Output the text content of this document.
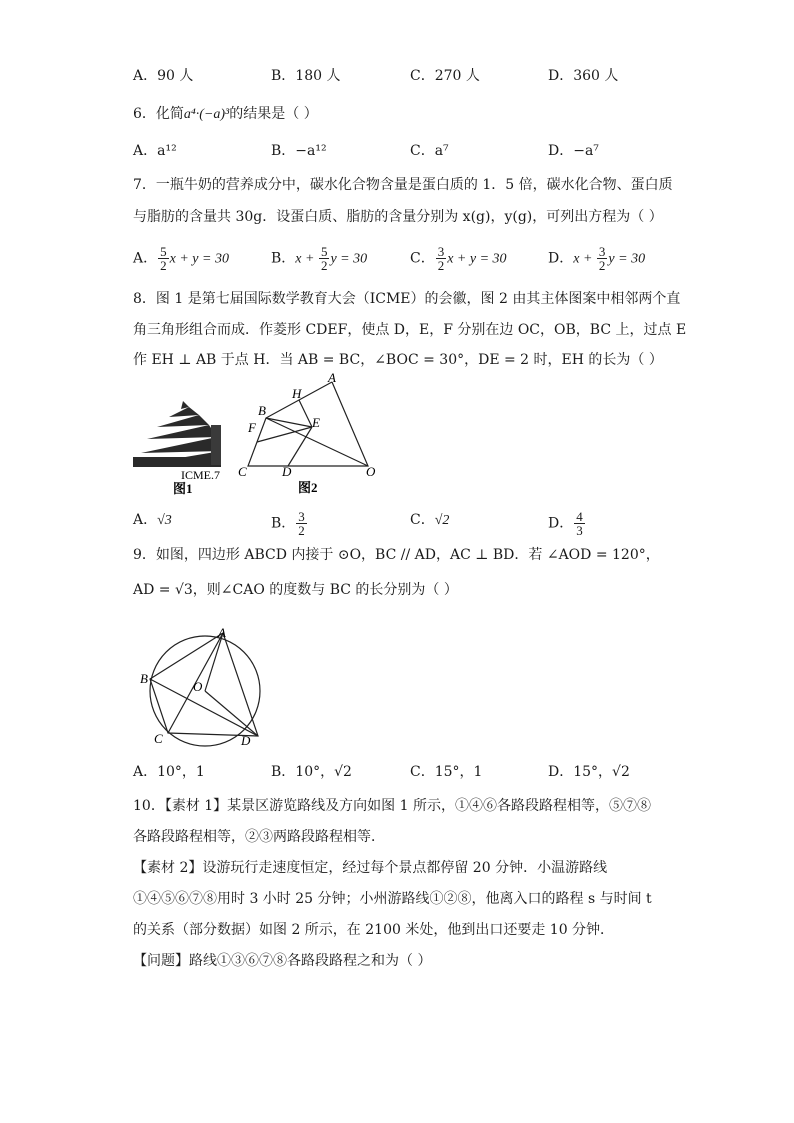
A．90 人	B．180 人	C．270 人	D．360 人
6．化简a⁴·(−a)³的结果是（ ）
A．a¹²	B．−a¹²	C．a⁷	D．−a⁷
7．一瓶牛奶的营养成分中，碳水化合物含量是蛋白质的 1．5 倍，碳水化合物、蛋白质
与脂肪的含量共 30g．设蛋白质、脂肪的含量分别为 x(g)，y(g)，可列出方程为（ ）
A． $\frac{5}{2}$ x + y = 30	B．$x + \frac{5}{2}$ y = 30	C． $\frac{3}{2}$ x + y = 30	D．$x + \frac{3}{2}$ y = 30
8．图 1 是第七届国际数学教育大会（ICME）的会徽，图 2 由其主体图案中相邻两个直
角三角形组合而成．作菱形 CDEF，使点 D，E，F 分别在边 OC，OB，BC 上，过点 E
作 EH ⊥ AB 于点 H．当 AB = BC，∠BOC = 30°，DE = 2 时，EH 的长为（ ）
ICME.7
图1
A
H
B
E
F
C	D	O
图2
A．√3	B． $\frac{3}{2}$	C．√2	D． $\frac{4}{3}$
9．如图，四边形 ABCD 内接于 ⊙O，BC // AD，AC ⊥ BD．若 ∠AOD = 120°，
AD = √3，则∠CAO 的度数与 BC 的长分别为（ ）
A
B
O
C	D
A．10°，1	B．10°，√2	C．15°，1	D．15°，√2
10．【素材 1】某景区游览路线及方向如图 1 所示，①④⑥各路段路程相等，⑤⑦⑧
各路段路程相等，②③两路段路程相等．
【素材 2】设游玩行走速度恒定，经过每个景点都停留 20 分钟．小温游路线
①④⑤⑥⑦⑧用时 3 小时 25 分钟；小州游路线①②⑧，他离入口的路程 s 与时间 t
的关系（部分数据）如图 2 所示，在 2100 米处，他到出口还要走 10 分钟．
【问题】路线①③⑥⑦⑧各路段路程之和为（ ）
